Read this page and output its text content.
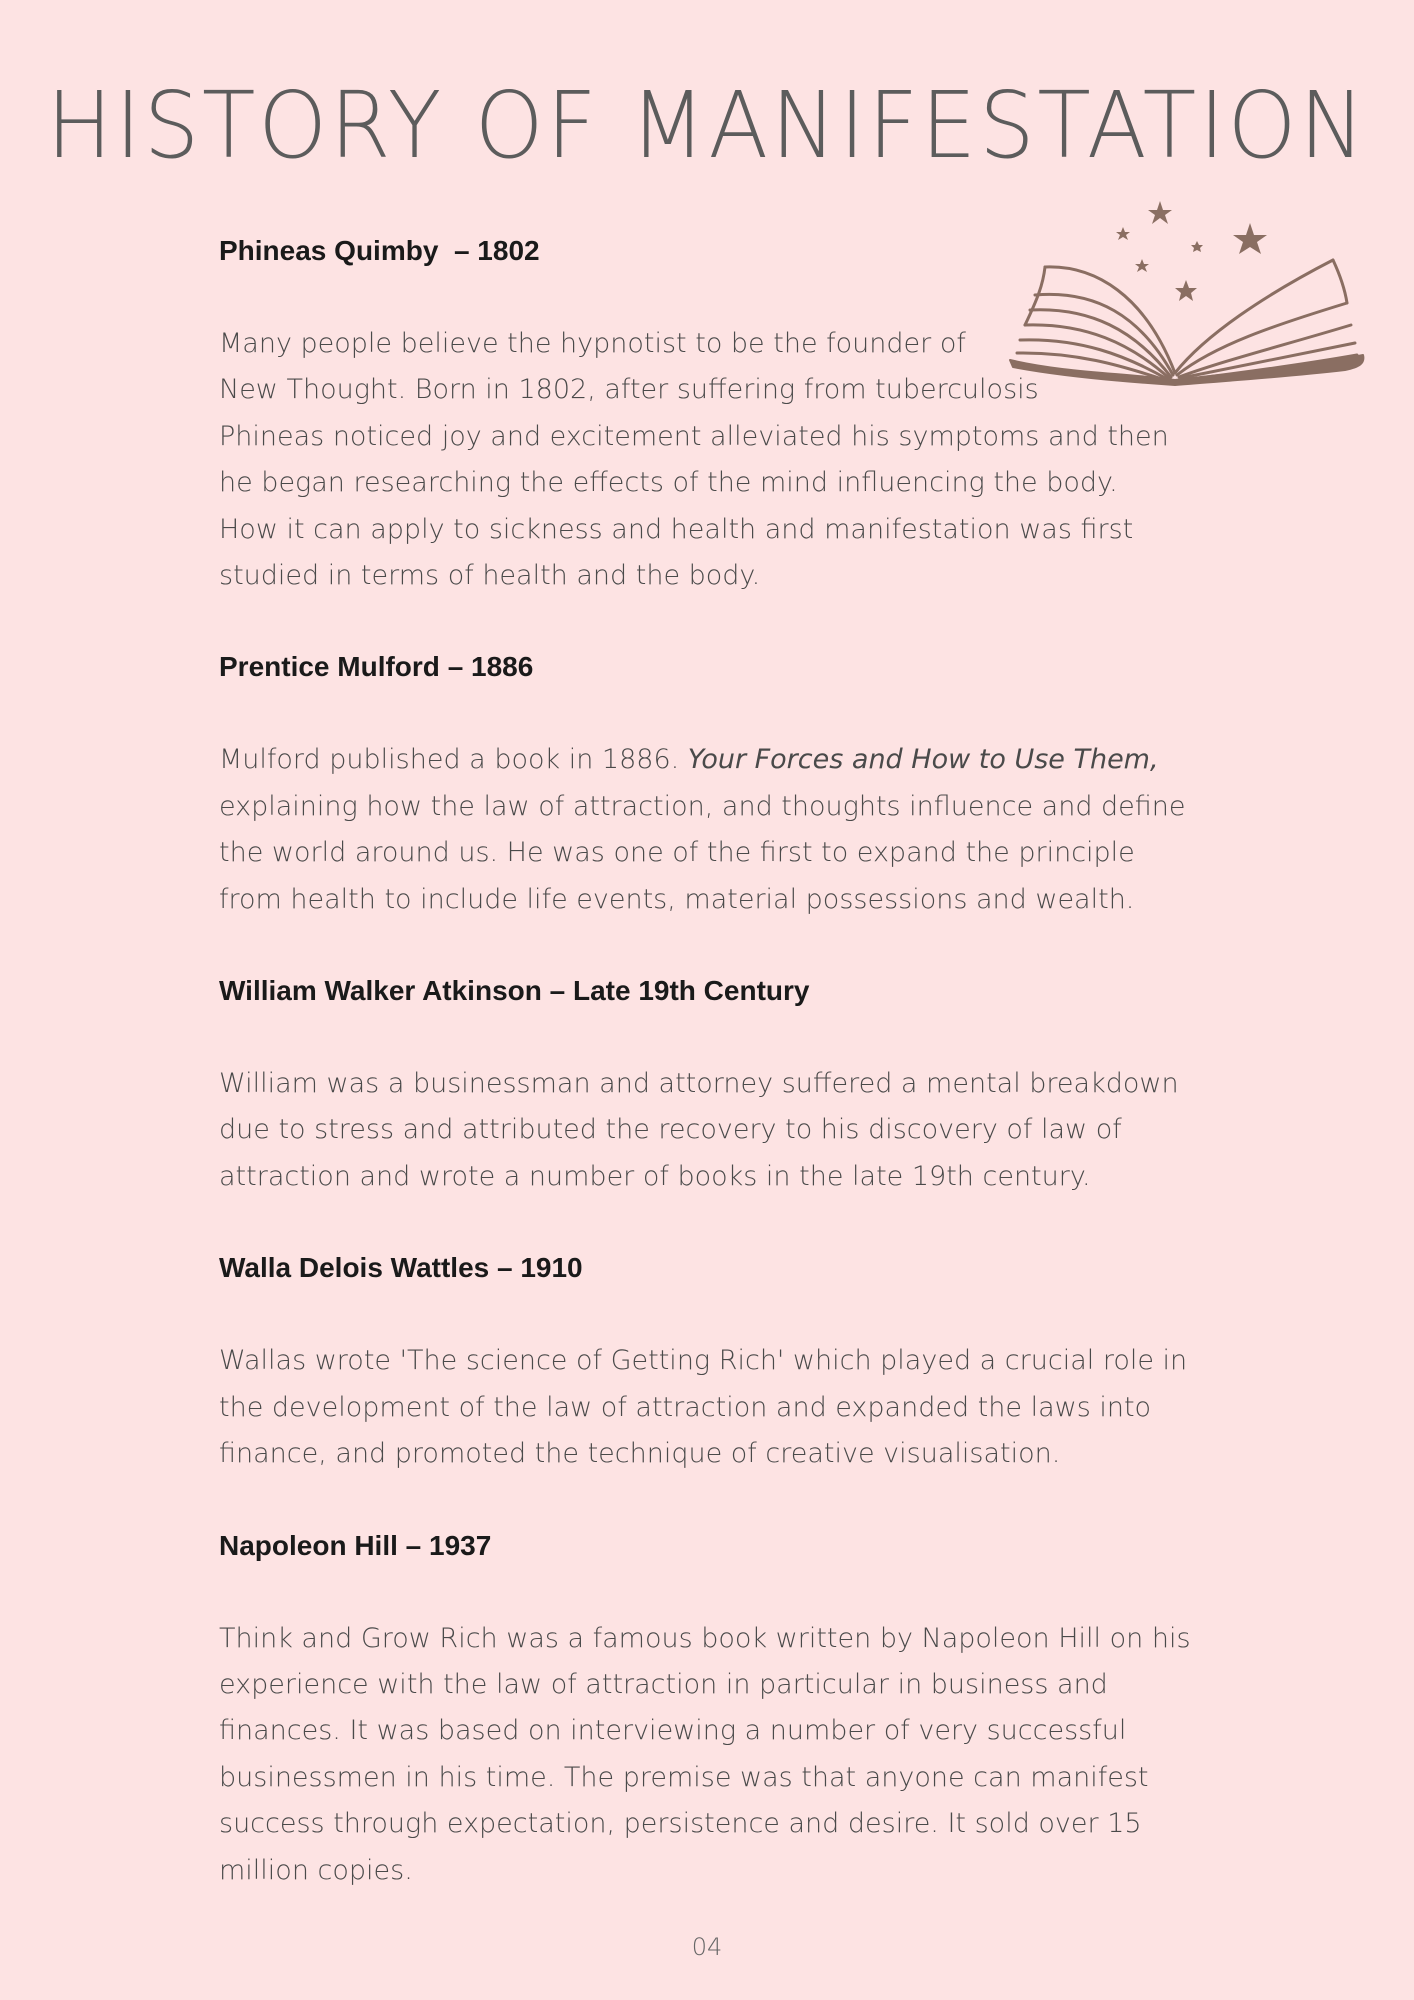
HISTORY OF MANIFESTATION
Phineas Quimby  – 1802

Many people believe the hypnotist to be the founder of
New Thought. Born in 1802, after suffering from tuberculosis
Phineas noticed joy and excitement alleviated his symptoms and then
he began researching the effects of the mind influencing the body.
How it can apply to sickness and health and manifestation was first
studied in terms of health and the body.

Prentice Mulford – 1886

Mulford published a book in 1886. Your Forces and How to Use Them,
explaining how the law of attraction, and thoughts influence and define
the world around us. He was one of the first to expand the principle
from health to include life events, material possessions and wealth.

William Walker Atkinson – Late 19th Century

William was a businessman and attorney suffered a mental breakdown
due to stress and attributed the recovery to his discovery of law of
attraction and wrote a number of books in the late 19th century.

Walla Delois Wattles – 1910

Wallas wrote 'The science of Getting Rich' which played a crucial role in
the development of the law of attraction and expanded the laws into
finance, and promoted the technique of creative visualisation.

Napoleon Hill – 1937

Think and Grow Rich was a famous book written by Napoleon Hill on his
experience with the law of attraction in particular in business and
finances. It was based on interviewing a number of very successful
businessmen in his time. The premise was that anyone can manifest
success through expectation, persistence and desire. It sold over 15
million copies.

04
